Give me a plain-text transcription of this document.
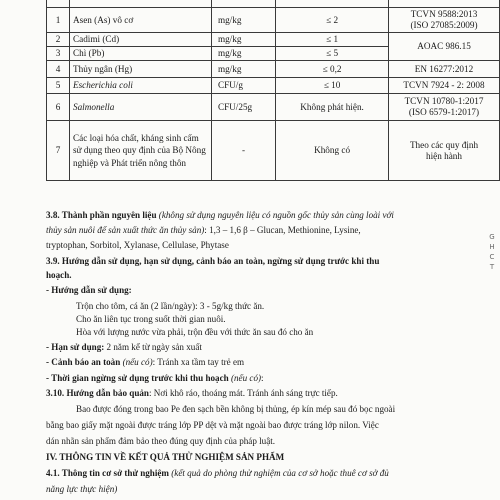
1	Asen (As) vô cơ	mg/kg	≤ 2	TCVN 9588:2013
(ISO 27085:2009)

2	Cadimi (Cd)	mg/kg	≤ 1	AOAC 986.15
3	Chì (Pb)	mg/kg	≤ 5	
4	Thủy ngân (Hg)	mg/kg	≤ 0,2	EN 16277:2012
5	Escherichia coli	CFU/g	≤ 10	TCVN 7924 - 2: 2008
6	Salmonella	CFU/25g	Không phát hiện.	TCVN 10780-1:2017
(ISO 6579-1:2017)

7	Các loại hóa chất, kháng sinh cấm sử dụng theo quy định của Bộ Nông nghiệp và Phát triển nông thôn	-	Không có	Theo các quy định
hiện hành
3.8. Thành phần nguyên liệu (không sử dụng nguyên liệu có nguồn gốc thủy sản cùng loài với
thủy sản nuôi để sản xuất thức ăn thủy sản): 1,3 – 1,6 β – Glucan, Methionine, Lysine,
tryptophan, Sorbitol, Xylanase, Cellulase, Phytase
3.9. Hướng dẫn sử dụng, hạn sử dụng, cảnh báo an toàn, ngừng sử dụng trước khi thu
hoạch.
- Hướng dẫn sử dụng:
Trộn cho tôm, cá ăn (2 lần/ngày): 3 - 5g/kg thức ăn.
Cho ăn liên tục trong suốt thời gian nuôi.
Hòa với lượng nước vừa phải, trộn đều với thức ăn sau đó cho ăn
- Hạn sử dụng: 2 năm kể từ ngày sản xuất
- Cảnh báo an toàn (nếu có): Tránh xa tầm tay trẻ em
- Thời gian ngừng sử dụng trước khi thu hoạch (nếu có):
3.10. Hướng dẫn bảo quản: Nơi khô ráo, thoáng mát. Tránh ánh sáng trực tiếp.
Bao được đóng trong bao Pe đen sạch bền không bị thủng, ép kín mép sau đó bọc ngoài
bằng bao giấy mặt ngoài được tráng lớp PP dệt và mặt ngoài bao được tráng lớp nilon. Việc
dán nhãn sản phẩm đảm bảo theo đúng quy định của pháp luật.
IV. THÔNG TIN VỀ KẾT QUẢ THỬ NGHIỆM SẢN PHẨM
4.1. Thông tin cơ sở thử nghiệm (kết quả do phòng thử nghiệm của cơ sở hoặc thuê cơ sở đủ
năng lực thực hiện)
G H C T
